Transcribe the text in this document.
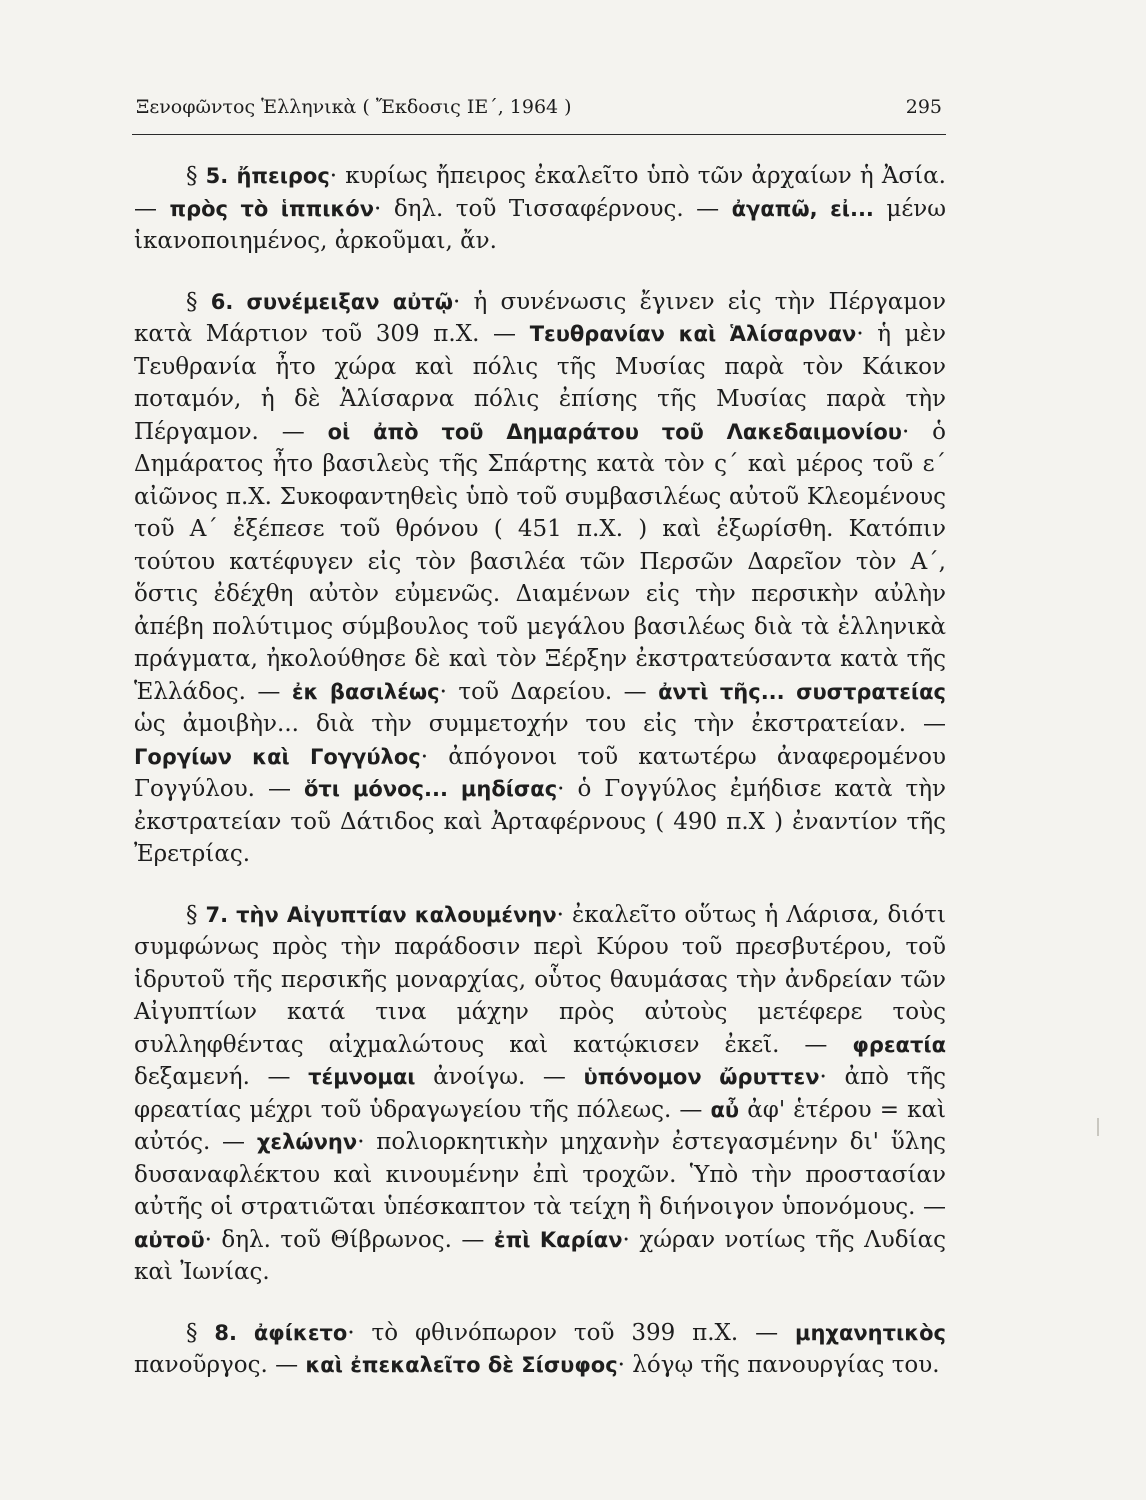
Ξενοφῶντος Ἑλληνικὰ ( Ἔκδοσις ΙΕ΄, 1964 )	295

§ 5. ἤπειρος· κυρίως ἤπειρος ἐκαλεῖτο ὑπὸ τῶν ἀρχαίων ἡ Ἀσία. — πρὸς τὸ ἱππικόν· δηλ. τοῦ Τισσαφέρνους. — ἀγαπῶ, εἰ... μένω ἱκανοποιημένος, ἀρκοῦμαι, ἄν.

§ 6. συνέμειξαν αὐτῷ· ἡ συνένωσις ἔγινεν εἰς τὴν Πέργαμον κατὰ Μάρτιον τοῦ 309 π.Χ. — Τευθρανίαν καὶ Ἁλίσαρναν· ἡ μὲν Τευθρανία ἦτο χώρα καὶ πόλις τῆς Μυσίας παρὰ τὸν Κάικον ποταμόν, ἡ δὲ Ἁλίσαρνα πόλις ἐπίσης τῆς Μυσίας παρὰ τὴν Πέργαμον. — οἱ ἀπὸ τοῦ Δημαράτου τοῦ Λακεδαιμονίου· ὁ Δημάρατος ἦτο βασιλεὺς τῆς Σπάρτης κατὰ τὸν ς΄ καὶ μέρος τοῦ ε΄ αἰῶνος π.Χ. Συκοφαντηθεὶς ὑπὸ τοῦ συμβασιλέως αὐτοῦ Κλεομένους τοῦ Α΄ ἐξέπεσε τοῦ θρόνου ( 451 π.Χ. ) καὶ ἐξωρίσθη. Κατόπιν τούτου κατέφυγεν εἰς τὸν βασιλέα τῶν Περσῶν Δαρεῖον τὸν Α΄, ὅστις ἐδέχθη αὐτὸν εὐμενῶς. Διαμένων εἰς τὴν περσικὴν αὐλὴν ἀπέβη πολύτιμος σύμβουλος τοῦ μεγάλου βασιλέως διὰ τὰ ἑλληνικὰ πράγματα, ἠκολούθησε δὲ καὶ τὸν Ξέρξην ἐκστρατεύσαντα κατὰ τῆς Ἑλλάδος. — ἐκ βασιλέως· τοῦ Δαρείου. — ἀντὶ τῆς... συστρατείας ὡς ἀμοιβὴν... διὰ τὴν συμμετοχήν του εἰς τὴν ἐκστρατείαν. — Γοργίων καὶ Γογγύλος· ἀπόγονοι τοῦ κατωτέρω ἀναφερομένου Γογγύλου. — ὅτι μόνος... μηδίσας· ὁ Γογγύλος ἐμήδισε κατὰ τὴν ἐκστρατείαν τοῦ Δάτιδος καὶ Ἀρταφέρνους ( 490 π.Χ ) ἐναντίον τῆς Ἐρετρίας.

§ 7. τὴν Αἰγυπτίαν καλουμένην· ἐκαλεῖτο οὕτως ἡ Λάρισα, διότι συμφώνως πρὸς τὴν παράδοσιν περὶ Κύρου τοῦ πρεσβυτέρου, τοῦ ἱδρυτοῦ τῆς περσικῆς μοναρχίας, οὗτος θαυμάσας τὴν ἀνδρείαν τῶν Αἰγυπτίων κατά τινα μάχην πρὸς αὐτοὺς μετέφερε τοὺς συλληφθέντας αἰχμαλώτους καὶ κατῴκισεν ἐκεῖ. — φρεατία δεξαμενή. — τέμνομαι ἀνοίγω. — ὑπόνομον ὤρυττεν· ἀπὸ τῆς φρεατίας μέχρι τοῦ ὑδραγωγείου τῆς πόλεως. — αὖ ἀφ' ἑτέρου = καὶ αὐτός. — χελώνην· πολιορκητικὴν μηχανὴν ἐστεγασμένην δι' ὕλης δυσαναφλέκτου καὶ κινουμένην ἐπὶ τροχῶν. Ὑπὸ τὴν προστασίαν αὐτῆς οἱ στρατιῶται ὑπέσκαπτον τὰ τείχη ἢ διήνοιγον ὑπονόμους. — αὐτοῦ· δηλ. τοῦ Θίβρωνος. — ἐπὶ Καρίαν· χώραν νοτίως τῆς Λυδίας καὶ Ἰωνίας.

§ 8. ἀφίκετο· τὸ φθινόπωρον τοῦ 399 π.Χ. — μηχανητικὸς πανοῦργος. — καὶ ἐπεκαλεῖτο δὲ Σίσυφος· λόγῳ τῆς πανουργίας του.
